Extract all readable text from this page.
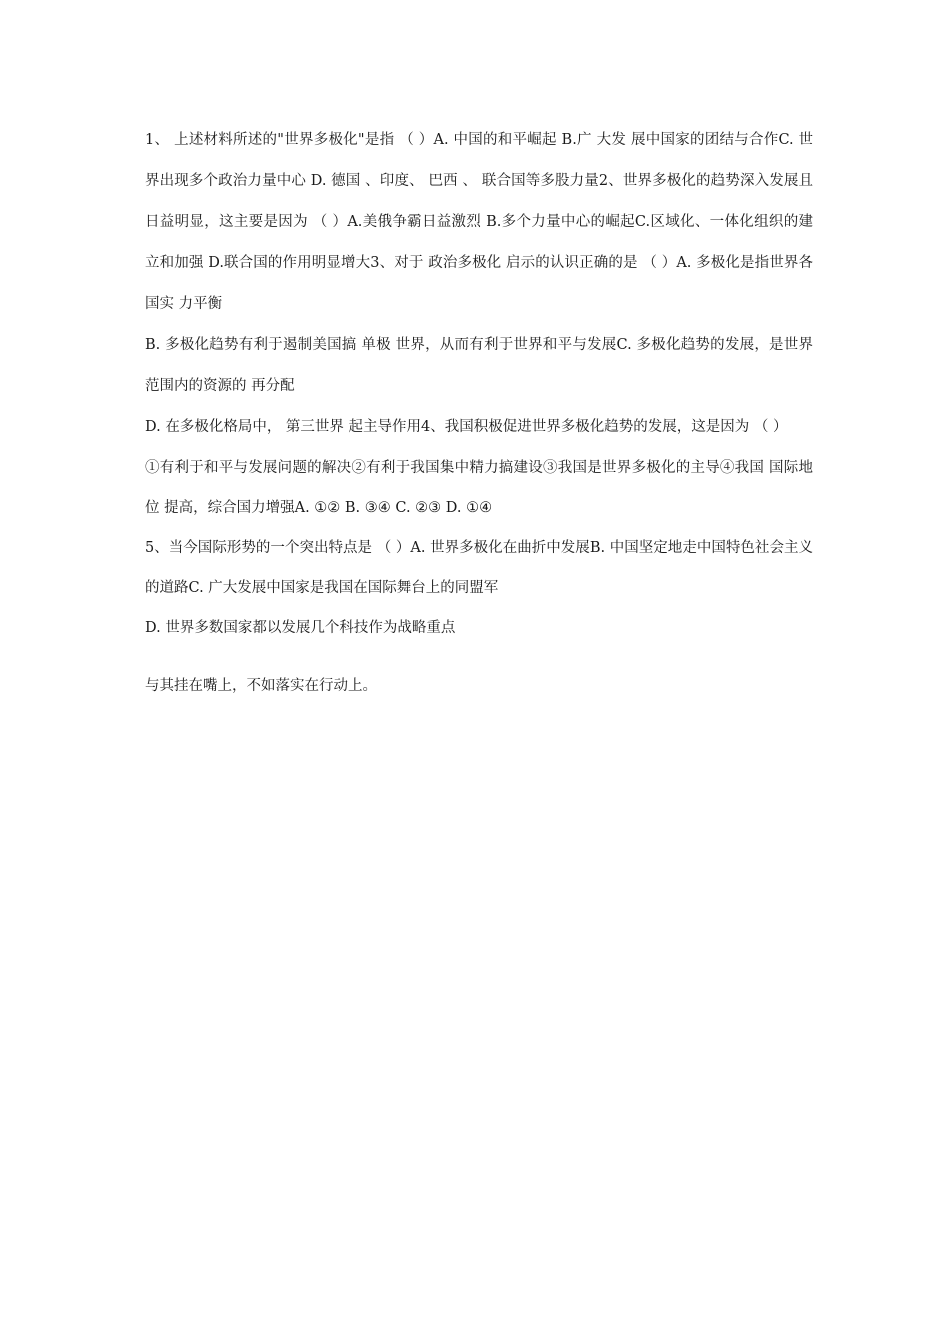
1、 上述材料所述的"世界多极化"是指 （ ）A. 中国的和平崛起 B.广 大发 展中国家的团结与合作C. 世界出现多个政治力量中心 D. 德国 、印度、 巴西 、 联合国等多股力量2、世界多极化的趋势深入发展且日益明显，这主要是因为 （ ）A.美俄争霸日益激烈 B.多个力量中心的崛起C.区域化、一体化组织的建立和加强 D.联合国的作用明显增大3、对于 政治多极化 启示的认识正确的是 （ ）A. 多极化是指世界各国实 力平衡

B. 多极化趋势有利于遏制美国搞 单极 世界，从而有利于世界和平与发展C. 多极化趋势的发展，是世界范围内的资源的 再分配

D. 在多极化格局中， 第三世界 起主导作用4、我国积极促进世界多极化趋势的发展，这是因为 （ ）

①有利于和平与发展问题的解决②有利于我国集中精力搞建设③我国是世界多极化的主导④我国 国际地位 提高，综合国力增强A. ①② B. ③④ C. ②③ D. ①④

5、当今国际形势的一个突出特点是 （ ）A. 世界多极化在曲折中发展B. 中国坚定地走中国特色社会主义的道路C. 广大发展中国家是我国在国际舞台上的同盟军

D. 世界多数国家都以发展几个科技作为战略重点

与其挂在嘴上，不如落实在行动上。
